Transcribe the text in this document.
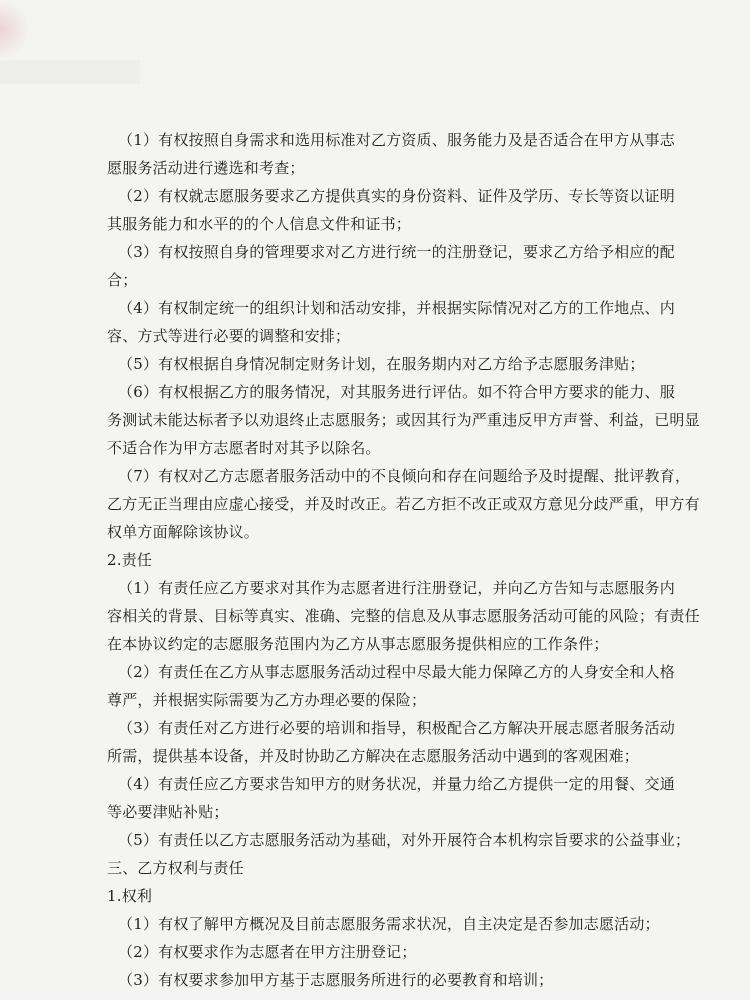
（1）有权按照自身需求和选用标准对乙方资质、服务能力及是否适合在甲方从事志
愿服务活动进行遴选和考查；
（2）有权就志愿服务要求乙方提供真实的身份资料、证件及学历、专长等资以证明
其服务能力和水平的的个人信息文件和证书；
（3）有权按照自身的管理要求对乙方进行统一的注册登记，要求乙方给予相应的配
合；
（4）有权制定统一的组织计划和活动安排，并根据实际情况对乙方的工作地点、内
容、方式等进行必要的调整和安排；
（5）有权根据自身情况制定财务计划，在服务期内对乙方给予志愿服务津贴；
（6）有权根据乙方的服务情况，对其服务进行评估。如不符合甲方要求的能力、服
务测试未能达标者予以劝退终止志愿服务；或因其行为严重违反甲方声誉、利益，已明显
不适合作为甲方志愿者时对其予以除名。
（7）有权对乙方志愿者服务活动中的不良倾向和存在问题给予及时提醒、批评教育，
乙方无正当理由应虚心接受，并及时改正。若乙方拒不改正或双方意见分歧严重，甲方有
权单方面解除该协议。
2.责任
（1）有责任应乙方要求对其作为志愿者进行注册登记，并向乙方告知与志愿服务内
容相关的背景、目标等真实、准确、完整的信息及从事志愿服务活动可能的风险；有责任
在本协议约定的志愿服务范围内为乙方从事志愿服务提供相应的工作条件；
（2）有责任在乙方从事志愿服务活动过程中尽最大能力保障乙方的人身安全和人格
尊严，并根据实际需要为乙方办理必要的保险；
（3）有责任对乙方进行必要的培训和指导，积极配合乙方解决开展志愿者服务活动
所需，提供基本设备，并及时协助乙方解决在志愿服务活动中遇到的客观困难；
（4）有责任应乙方要求告知甲方的财务状况，并量力给乙方提供一定的用餐、交通
等必要津贴补贴；
（5）有责任以乙方志愿服务活动为基础，对外开展符合本机构宗旨要求的公益事业；
三、乙方权利与责任
1.权利
（1）有权了解甲方概况及目前志愿服务需求状况，自主决定是否参加志愿活动；
（2）有权要求作为志愿者在甲方注册登记；
（3）有权要求参加甲方基于志愿服务所进行的必要教育和培训；
